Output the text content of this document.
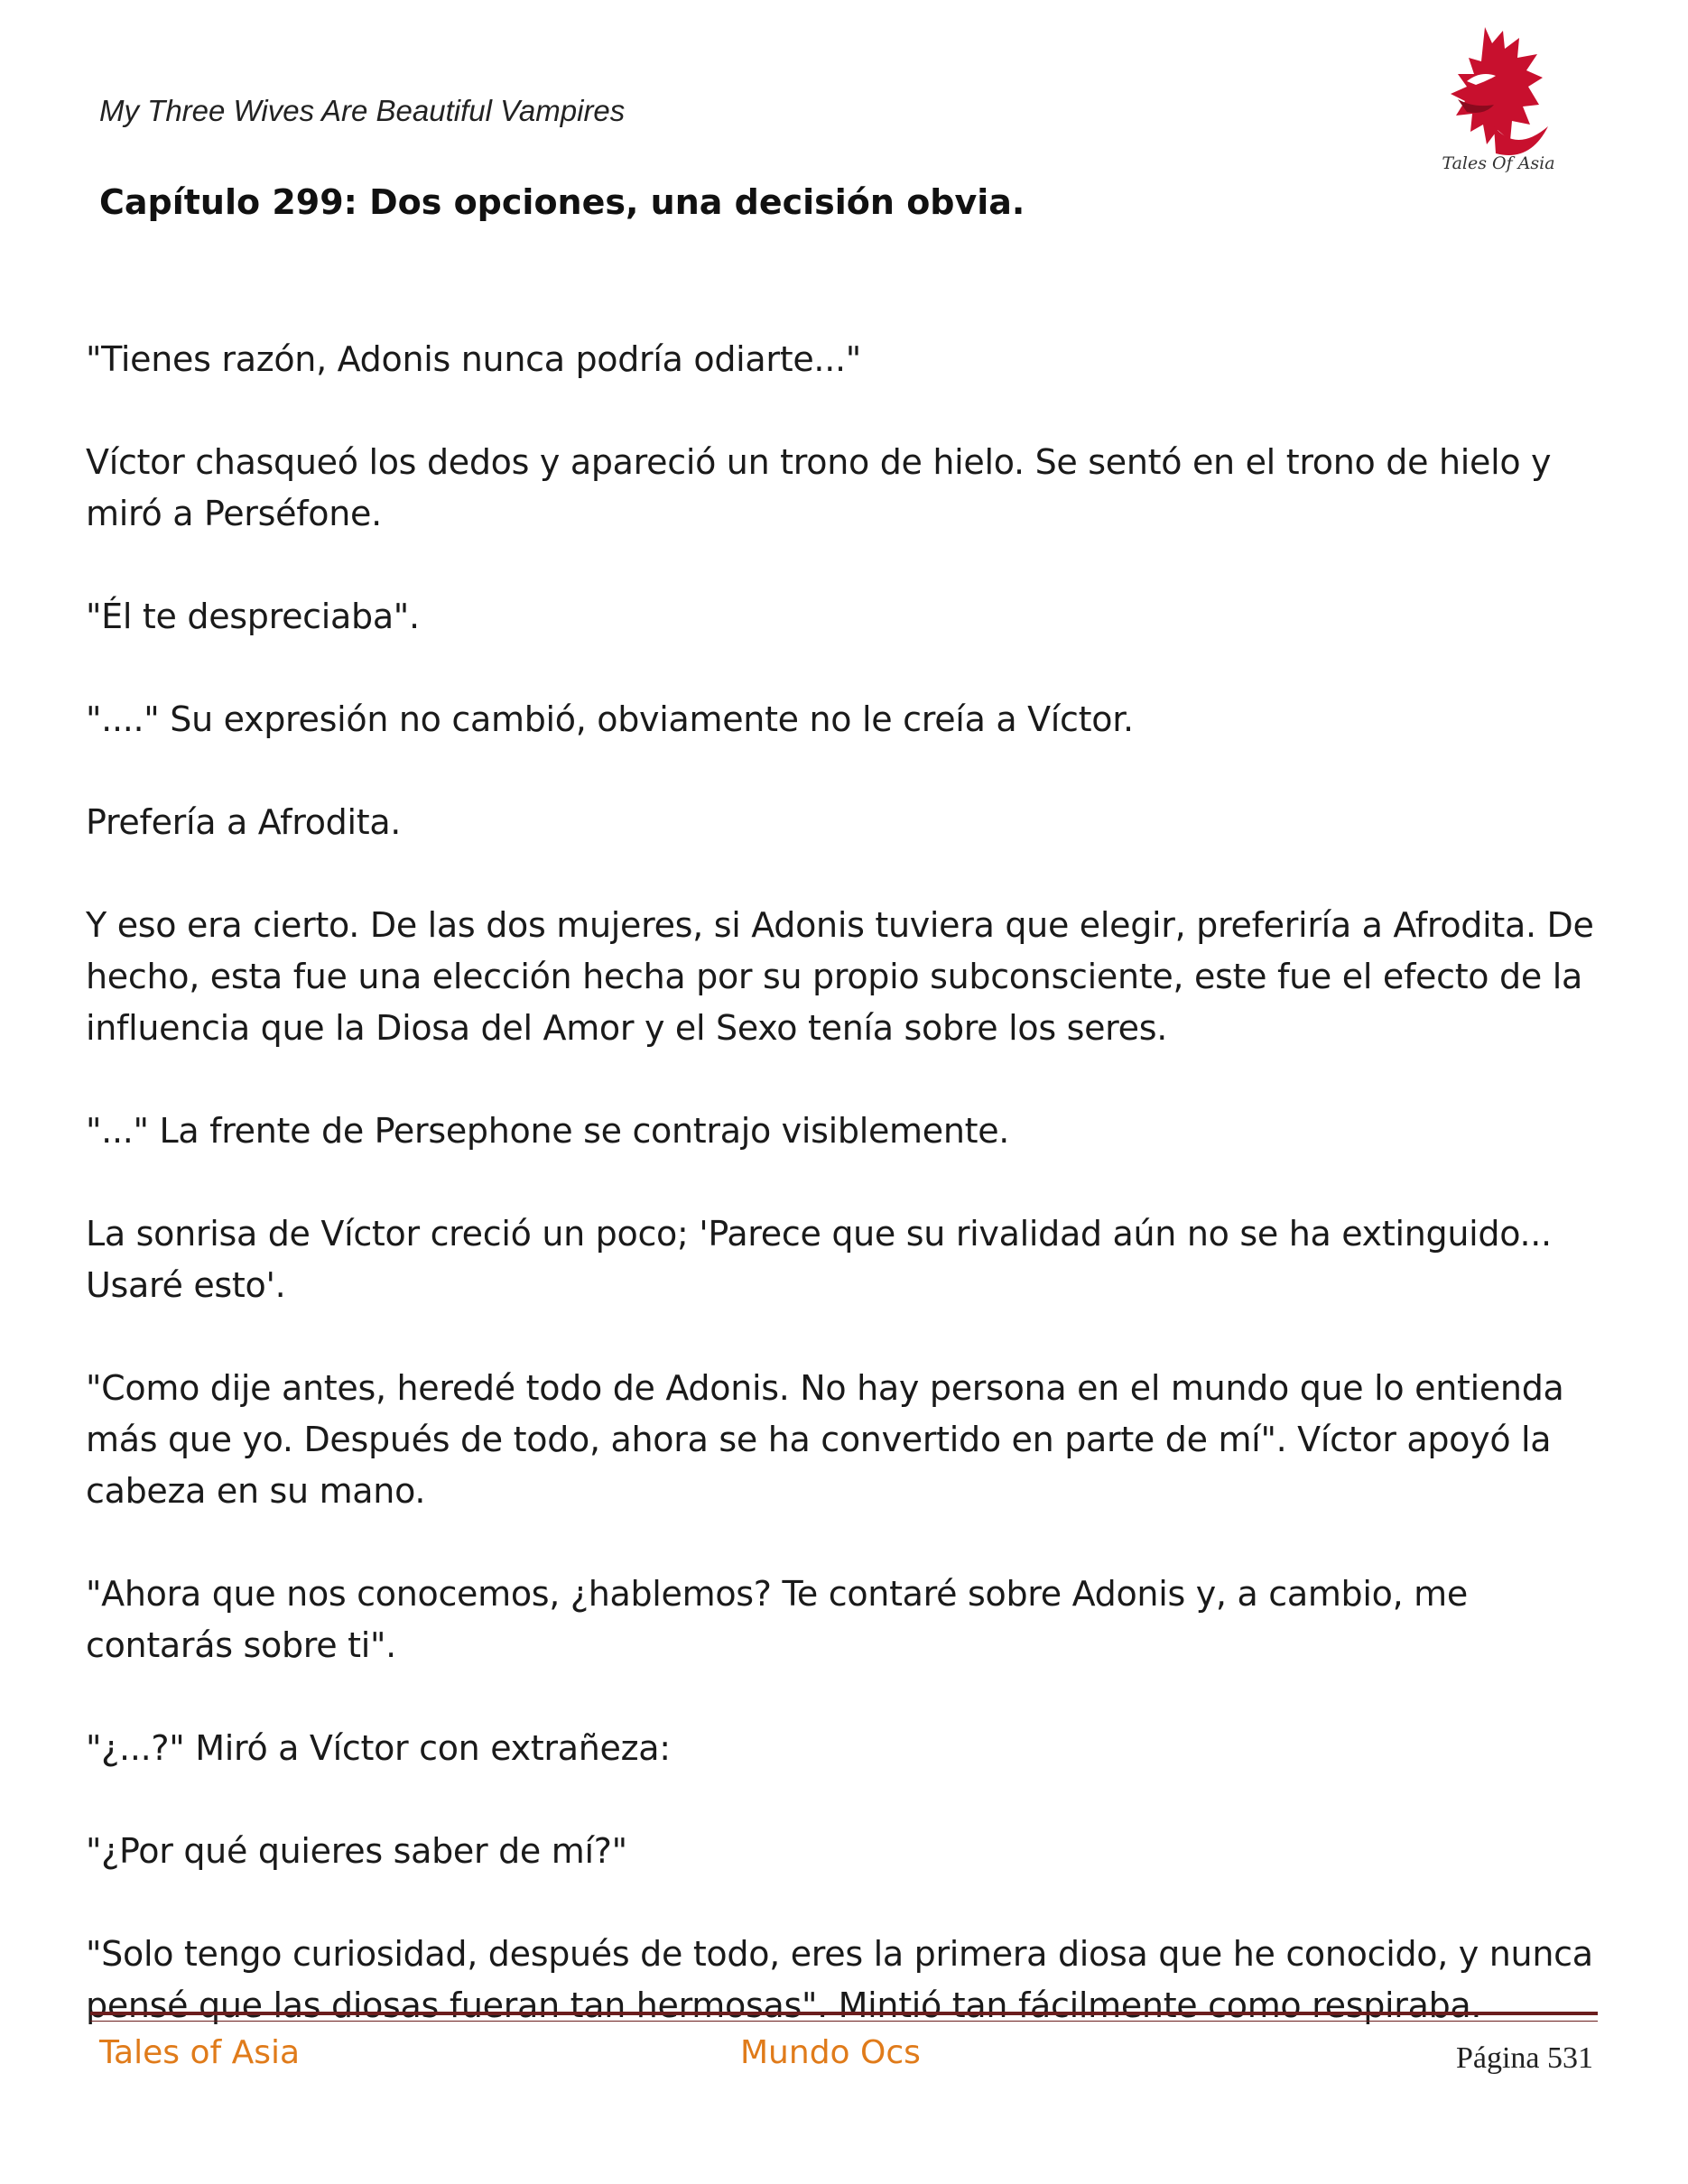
My Three Wives Are Beautiful Vampires
Tales Of Asia
Capítulo 299: Dos opciones, una decisión obvia.

"Tienes razón, Adonis nunca podría odiarte..."

Víctor chasqueó los dedos y apareció un trono de hielo. Se sentó en el trono de hielo y miró a Perséfone.

"Él te despreciaba".

"...." Su expresión no cambió, obviamente no le creía a Víctor.

Prefería a Afrodita.

Y eso era cierto. De las dos mujeres, si Adonis tuviera que elegir, preferiría a Afrodita. De hecho, esta fue una elección hecha por su propio subconsciente, este fue el efecto de la influencia que la Diosa del Amor y el Sexo tenía sobre los seres.

"..." La frente de Persephone se contrajo visiblemente.

La sonrisa de Víctor creció un poco; 'Parece que su rivalidad aún no se ha extinguido... Usaré esto'.

"Como dije antes, heredé todo de Adonis. No hay persona en el mundo que lo entienda más que yo. Después de todo, ahora se ha convertido en parte de mí". Víctor apoyó la cabeza en su mano.

"Ahora que nos conocemos, ¿hablemos? Te contaré sobre Adonis y, a cambio, me contarás sobre ti".

"¿...?" Miró a Víctor con extrañeza:

"¿Por qué quieres saber de mí?"

"Solo tengo curiosidad, después de todo, eres la primera diosa que he conocido, y nunca pensé que las diosas fueran tan hermosas". Mintió tan fácilmente como respiraba.

Tales of Asia	Mundo Ocs	Página 531
